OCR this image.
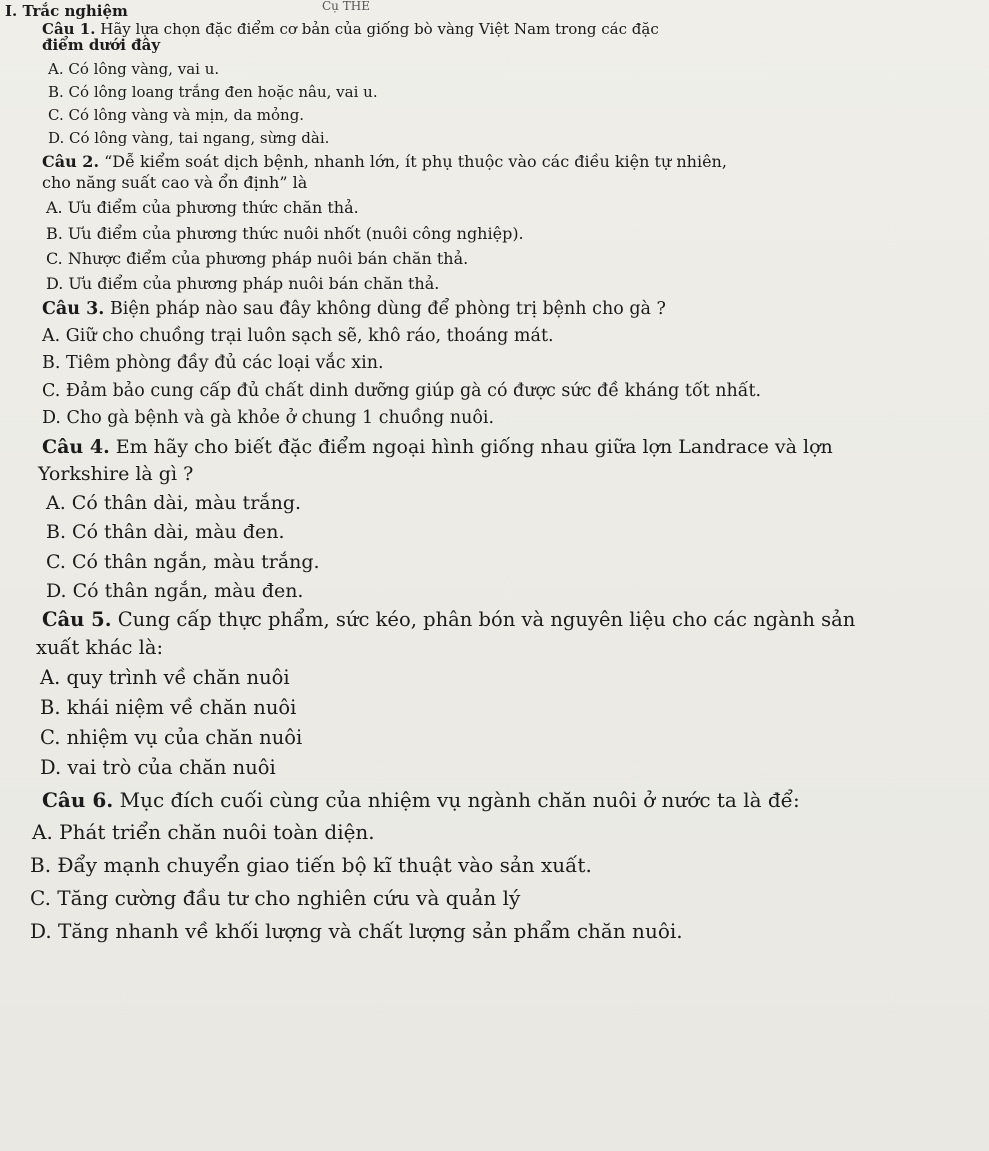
Cụ THE
I. Trắc nghiệm
Câu 1. Hãy lựa chọn đặc điểm cơ bản của giống bò vàng Việt Nam trong các đặc
điểm dưới đây
A. Có lông vàng, vai u.
B. Có lông loang trắng đen hoặc nâu, vai u.
C. Có lông vàng và mịn, da mỏng.
D. Có lông vàng, tai ngang, sừng dài.
Câu 2. “Dễ kiểm soát dịch bệnh, nhanh lớn, ít phụ thuộc vào các điều kiện tự nhiên,
cho năng suất cao và ổn định” là
A. Ưu điểm của phương thức chăn thả.
B. Ưu điểm của phương thức nuôi nhốt (nuôi công nghiệp).
C. Nhược điểm của phương pháp nuôi bán chăn thả.
D. Ưu điểm của phương pháp nuôi bán chăn thả.
Câu 3. Biện pháp nào sau đây không dùng để phòng trị bệnh cho gà ?
A. Giữ cho chuồng trại luôn sạch sẽ, khô ráo, thoáng mát.
B. Tiêm phòng đầy đủ các loại vắc xin.
C. Đảm bảo cung cấp đủ chất dinh dưỡng giúp gà có được sức đề kháng tốt nhất.
D. Cho gà bệnh và gà khỏe ở chung 1 chuồng nuôi.
Câu 4. Em hãy cho biết đặc điểm ngoại hình giống nhau giữa lợn Landrace và lợn
Yorkshire là gì ?
A. Có thân dài, màu trắng.
B. Có thân dài, màu đen.
C. Có thân ngắn, màu trắng.
D. Có thân ngắn, màu đen.
Câu 5. Cung cấp thực phẩm, sức kéo, phân bón và nguyên liệu cho các ngành sản
xuất khác là:
A. quy trình về chăn nuôi
B. khái niệm về chăn nuôi
C. nhiệm vụ của chăn nuôi
D. vai trò của chăn nuôi
Câu 6. Mục đích cuối cùng của nhiệm vụ ngành chăn nuôi ở nước ta là để:
A. Phát triển chăn nuôi toàn diện.
B. Đẩy mạnh chuyển giao tiến bộ kĩ thuật vào sản xuất.
C. Tăng cường đầu tư cho nghiên cứu và quản lý
D. Tăng nhanh về khối lượng và chất lượng sản phẩm chăn nuôi.
